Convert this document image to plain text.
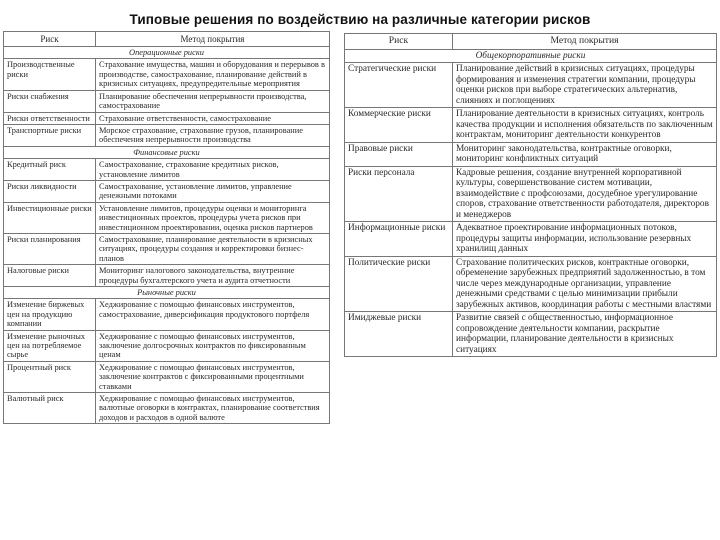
Типовые решения по воздействию на различные категории рисков
Риск	Метод покрытия
Операционные риски	
Производственные риски	Страхование имущества, машин и оборудования и перерывов в производстве, самострахование, планирование действий в кризисных ситуациях, предупредительные мероприятия
Риски снабжения	Планирование обеспечения непрерывности производства, самострахование
Риски ответственности	Страхование ответственности, самострахование
Транспортные риски	Морское страхование, страхование грузов, планирование обеспечения непрерывности производства
Финансовые риски	
Кредитный риск	Самострахование, страхование кредитных рисков, установление лимитов
Риски ликвидности	Самострахование, установление лимитов, управление денежными потоками
Инвестиционные риски	Установление лимитов, процедуры оценки и мониторинга инвестиционных проектов, процедуры учета рисков при инвестиционном проектировании, оценка рисков партнеров
Риски планирования	Самострахование, планирование деятельности в кризисных ситуациях, процедуры создания и корректировки бизнес-планов
Налоговые риски	Мониторинг налогового законодательства, внутренние процедуры бухгалтерского учета и аудита отчетности
Рыночные риски	
Изменение биржевых цен на продукцию компании	Хеджирование с помощью финансовых инструментов, самострахование, диверсификация продуктового портфеля
Изменение рыночных цен на потребляемое сырье	Хеджирование с помощью финансовых инструментов, заключение долгосрочных контрактов по фиксированным ценам
Процентный риск	Хеджирование с помощью финансовых инструментов, заключение контрактов с фиксированными процентными ставками
Валютный риск	Хеджирование с помощью финансовых инструментов, валютные оговорки в контрактах, планирование соответствия доходов и расходов в одной валюте
Риск	Метод покрытия
Общекорпоративные риски	
Стратегические риски	Планирование действий в кризисных ситуациях, процедуры формирования и изменения стратегии компании, процедуры оценки рисков при выборе стратегических альтернатив, слияниях и поглощениях
Коммерческие риски	Планирование деятельности в кризисных ситуациях, контроль качества продукции и исполнения обязательств по заключенным контрактам, мониторинг деятельности конкурентов
Правовые риски	Мониторинг законодательства, контрактные оговорки, мониторинг конфликтных ситуаций
Риски персонала	Кадровые решения, создание внутренней корпоративной культуры, совершенствование систем мотивации, взаимодействие с профсоюзами, досудебное урегулирование споров, страхование ответственности работодателя, директоров и менеджеров
Информационные риски	Адекватное проектирование информационных потоков, процедуры защиты информации, использование резервных хранилищ данных
Политические риски	Страхование политических рисков, контрактные оговорки, обременение зарубежных предприятий задолженностью, в том числе через международные организации, управление денежными средствами с целью минимизации прибыли зарубежных активов, координация работы с местными властями
Имиджевые риски	Развитие связей с общественностью, информационное сопровождение деятельности компании, раскрытие информации, планирование деятельности в кризисных ситуациях
